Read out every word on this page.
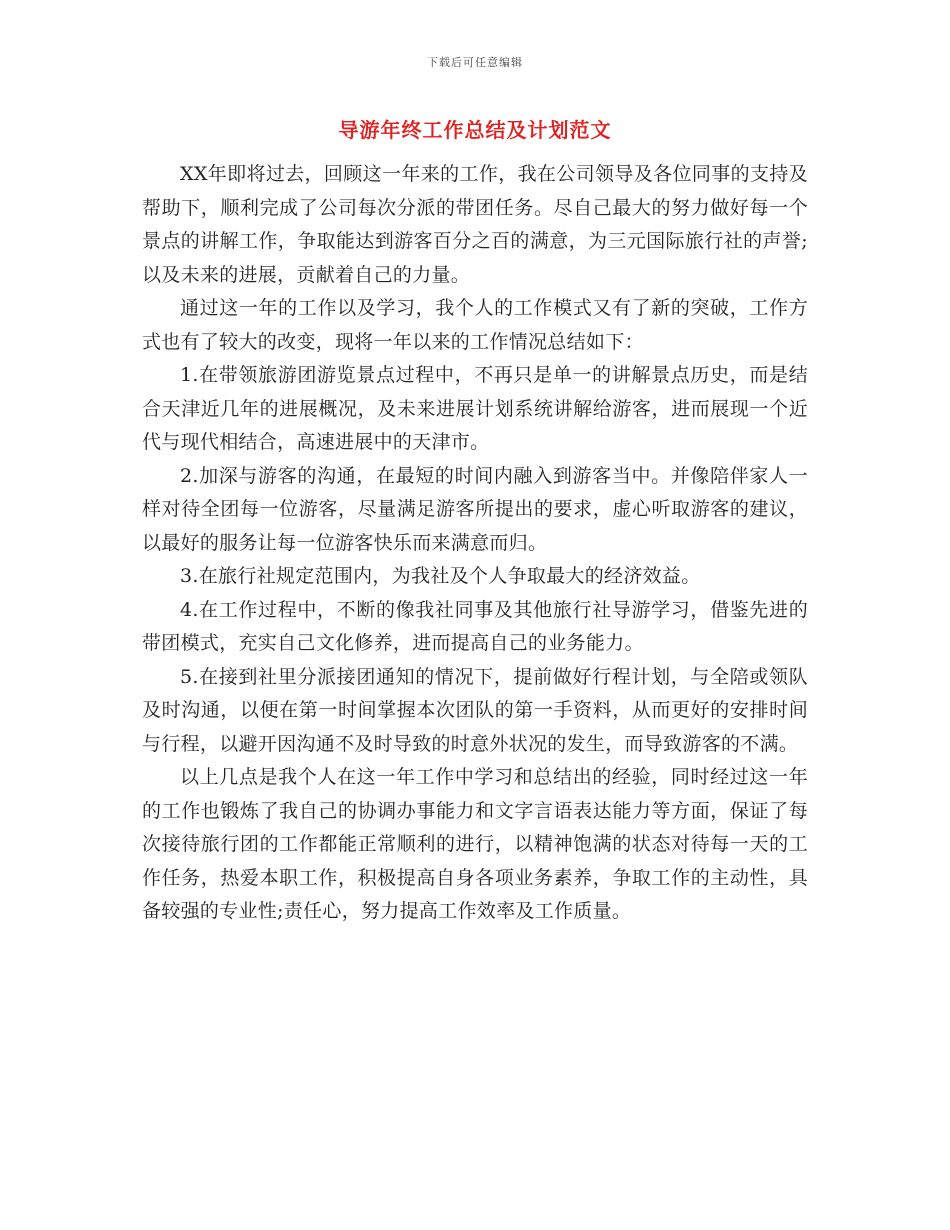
下载后可任意编辑
导游年终工作总结及计划范文

XX年即将过去，回顾这一年来的工作，我在公司领导及各位同事的支持及帮助下，顺利完成了公司每次分派的带团任务。尽自己最大的努力做好每一个景点的讲解工作，争取能达到游客百分之百的满意，为三元国际旅行社的声誉;以及未来的进展，贡献着自己的力量。

通过这一年的工作以及学习，我个人的工作模式又有了新的突破，工作方式也有了较大的改变，现将一年以来的工作情况总结如下：

1.在带领旅游团游览景点过程中，不再只是单一的讲解景点历史，而是结合天津近几年的进展概况，及未来进展计划系统讲解给游客，进而展现一个近代与现代相结合，高速进展中的天津市。

2.加深与游客的沟通，在最短的时间内融入到游客当中。并像陪伴家人一样对待全团每一位游客，尽量满足游客所提出的要求，虚心听取游客的建议，以最好的服务让每一位游客快乐而来满意而归。

3.在旅行社规定范围内，为我社及个人争取最大的经济效益。

4.在工作过程中，不断的像我社同事及其他旅行社导游学习，借鉴先进的带团模式，充实自己文化修养，进而提高自己的业务能力。

5.在接到社里分派接团通知的情况下，提前做好行程计划，与全陪或领队及时沟通，以便在第一时间掌握本次团队的第一手资料，从而更好的安排时间与行程，以避开因沟通不及时导致的时意外状况的发生，而导致游客的不满。

以上几点是我个人在这一年工作中学习和总结出的经验，同时经过这一年的工作也锻炼了我自己的协调办事能力和文字言语表达能力等方面，保证了每次接待旅行团的工作都能正常顺利的进行，以精神饱满的状态对待每一天的工作任务，热爱本职工作，积极提高自身各项业务素养，争取工作的主动性，具备较强的专业性;责任心，努力提高工作效率及工作质量。
